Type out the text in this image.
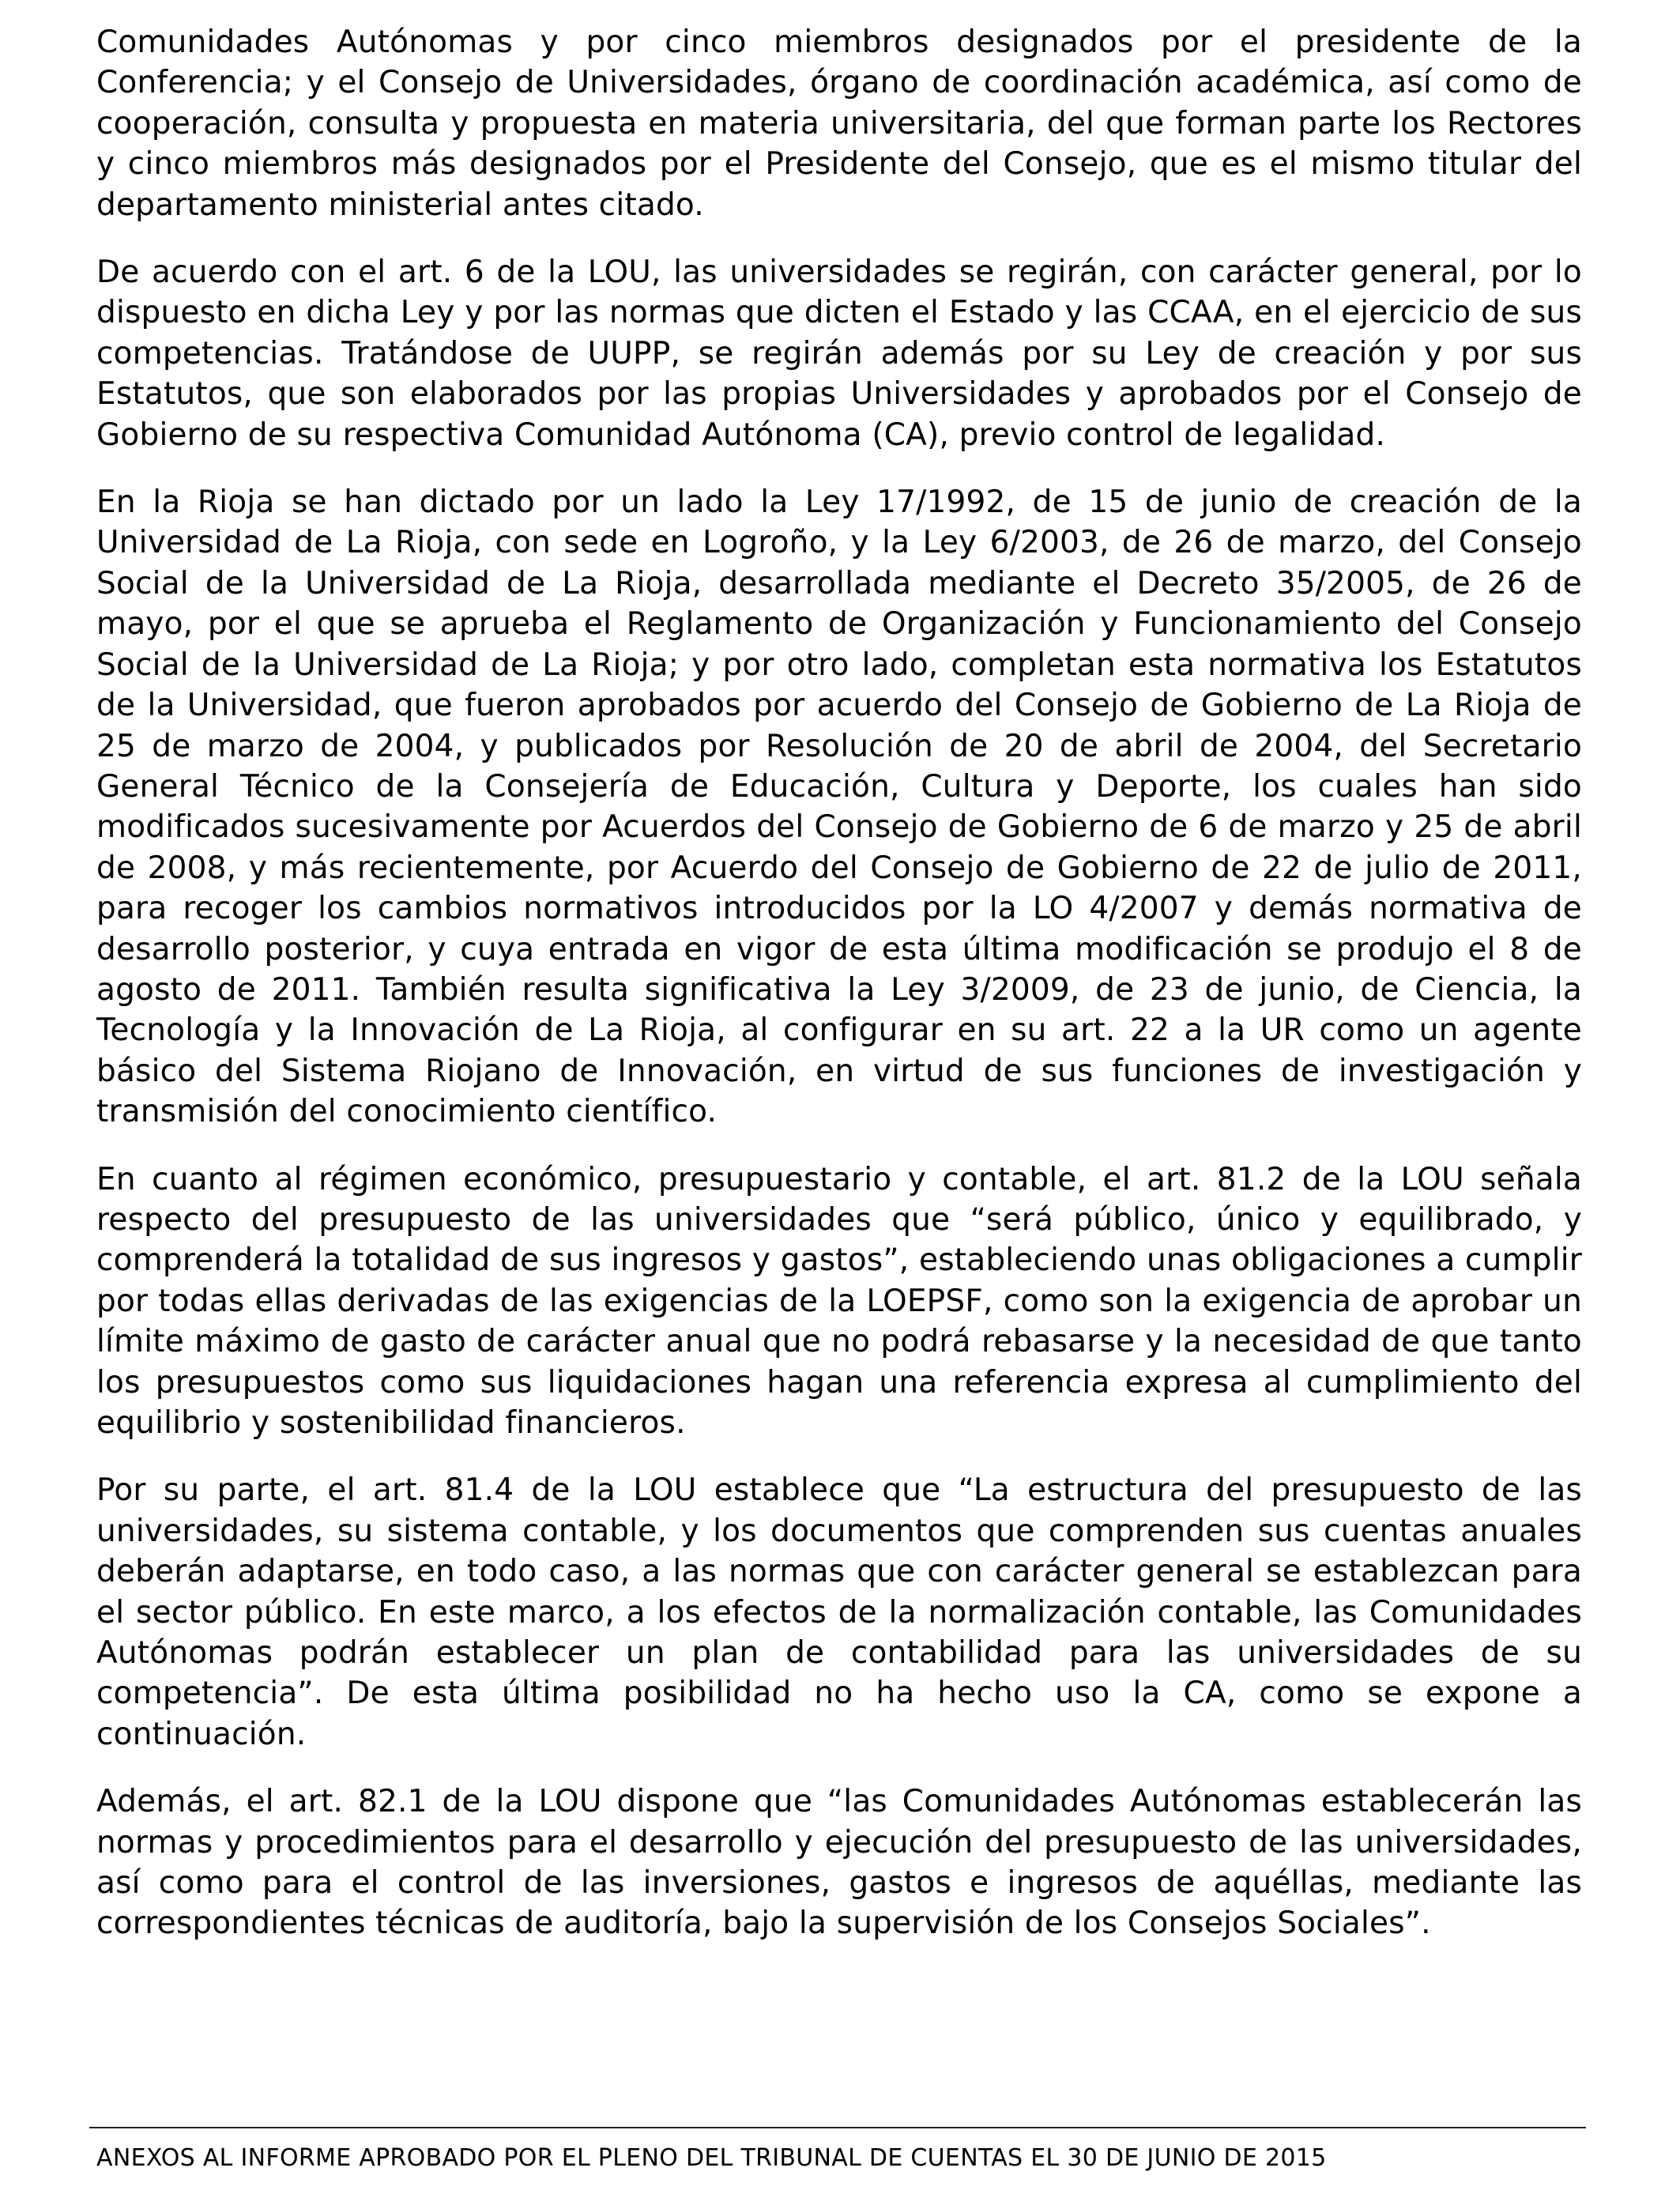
Comunidades Autónomas y por cinco miembros designados por el presidente de la Conferencia; y el Consejo de Universidades, órgano de coordinación académica, así como de cooperación, consulta y propuesta en materia universitaria, del que forman parte los Rectores y cinco miembros más designados por el Presidente del Consejo, que es el mismo titular del departamento ministerial antes citado.

De acuerdo con el art. 6 de la LOU, las universidades se regirán, con carácter general, por lo dispuesto en dicha Ley y por las normas que dicten el Estado y las CCAA, en el ejercicio de sus competencias. Tratándose de UUPP, se regirán además por su Ley de creación y por sus Estatutos, que son elaborados por las propias Universidades y aprobados por el Consejo de Gobierno de su respectiva Comunidad Autónoma (CA), previo control de legalidad.

En la Rioja se han dictado por un lado la Ley 17/1992, de 15 de junio de creación de la Universidad de La Rioja, con sede en Logroño, y la Ley 6/2003, de 26 de marzo, del Consejo Social de la Universidad de La Rioja, desarrollada mediante el Decreto 35/2005, de 26 de mayo, por el que se aprueba el Reglamento de Organización y Funcionamiento del Consejo Social de la Universidad de La Rioja; y por otro lado, completan esta normativa los Estatutos de la Universidad, que fueron aprobados por acuerdo del Consejo de Gobierno de La Rioja de 25 de marzo de 2004, y publicados por Resolución de 20 de abril de 2004, del Secretario General Técnico de la Consejería de Educación, Cultura y Deporte, los cuales han sido modificados sucesivamente por Acuerdos del Consejo de Gobierno de 6 de marzo y 25 de abril de 2008, y más recientemente, por Acuerdo del Consejo de Gobierno de 22 de julio de 2011, para recoger los cambios normativos introducidos por la LO 4/2007 y demás normativa de desarrollo posterior, y cuya entrada en vigor de esta última modificación se produjo el 8 de agosto de 2011. También resulta significativa la Ley 3/2009, de 23 de junio, de Ciencia, la Tecnología y la Innovación de La Rioja, al configurar en su art. 22 a la UR como un agente básico del Sistema Riojano de Innovación, en virtud de sus funciones de investigación y transmisión del conocimiento científico.

En cuanto al régimen económico, presupuestario y contable, el art. 81.2 de la LOU señala respecto del presupuesto de las universidades que “será público, único y equilibrado, y comprenderá la totalidad de sus ingresos y gastos”, estableciendo unas obligaciones a cumplir por todas ellas derivadas de las exigencias de la LOEPSF, como son la exigencia de aprobar un límite máximo de gasto de carácter anual que no podrá rebasarse y la necesidad de que tanto los presupuestos como sus liquidaciones hagan una referencia expresa al cumplimiento del equilibrio y sostenibilidad financieros.

Por su parte, el art. 81.4 de la LOU establece que “La estructura del presupuesto de las universidades, su sistema contable, y los documentos que comprenden sus cuentas anuales deberán adaptarse, en todo caso, a las normas que con carácter general se establezcan para el sector público. En este marco, a los efectos de la normalización contable, las Comunidades Autónomas podrán establecer un plan de contabilidad para las universidades de su competencia”. De esta última posibilidad no ha hecho uso la CA, como se expone a continuación.

Además, el art. 82.1 de la LOU dispone que “las Comunidades Autónomas establecerán las normas y procedimientos para el desarrollo y ejecución del presupuesto de las universidades, así como para el control de las inversiones, gastos e ingresos de aquéllas, mediante las correspondientes técnicas de auditoría, bajo la supervisión de los Consejos Sociales”.

ANEXOS AL INFORME APROBADO POR EL PLENO DEL TRIBUNAL DE CUENTAS EL 30 DE JUNIO DE 2015
